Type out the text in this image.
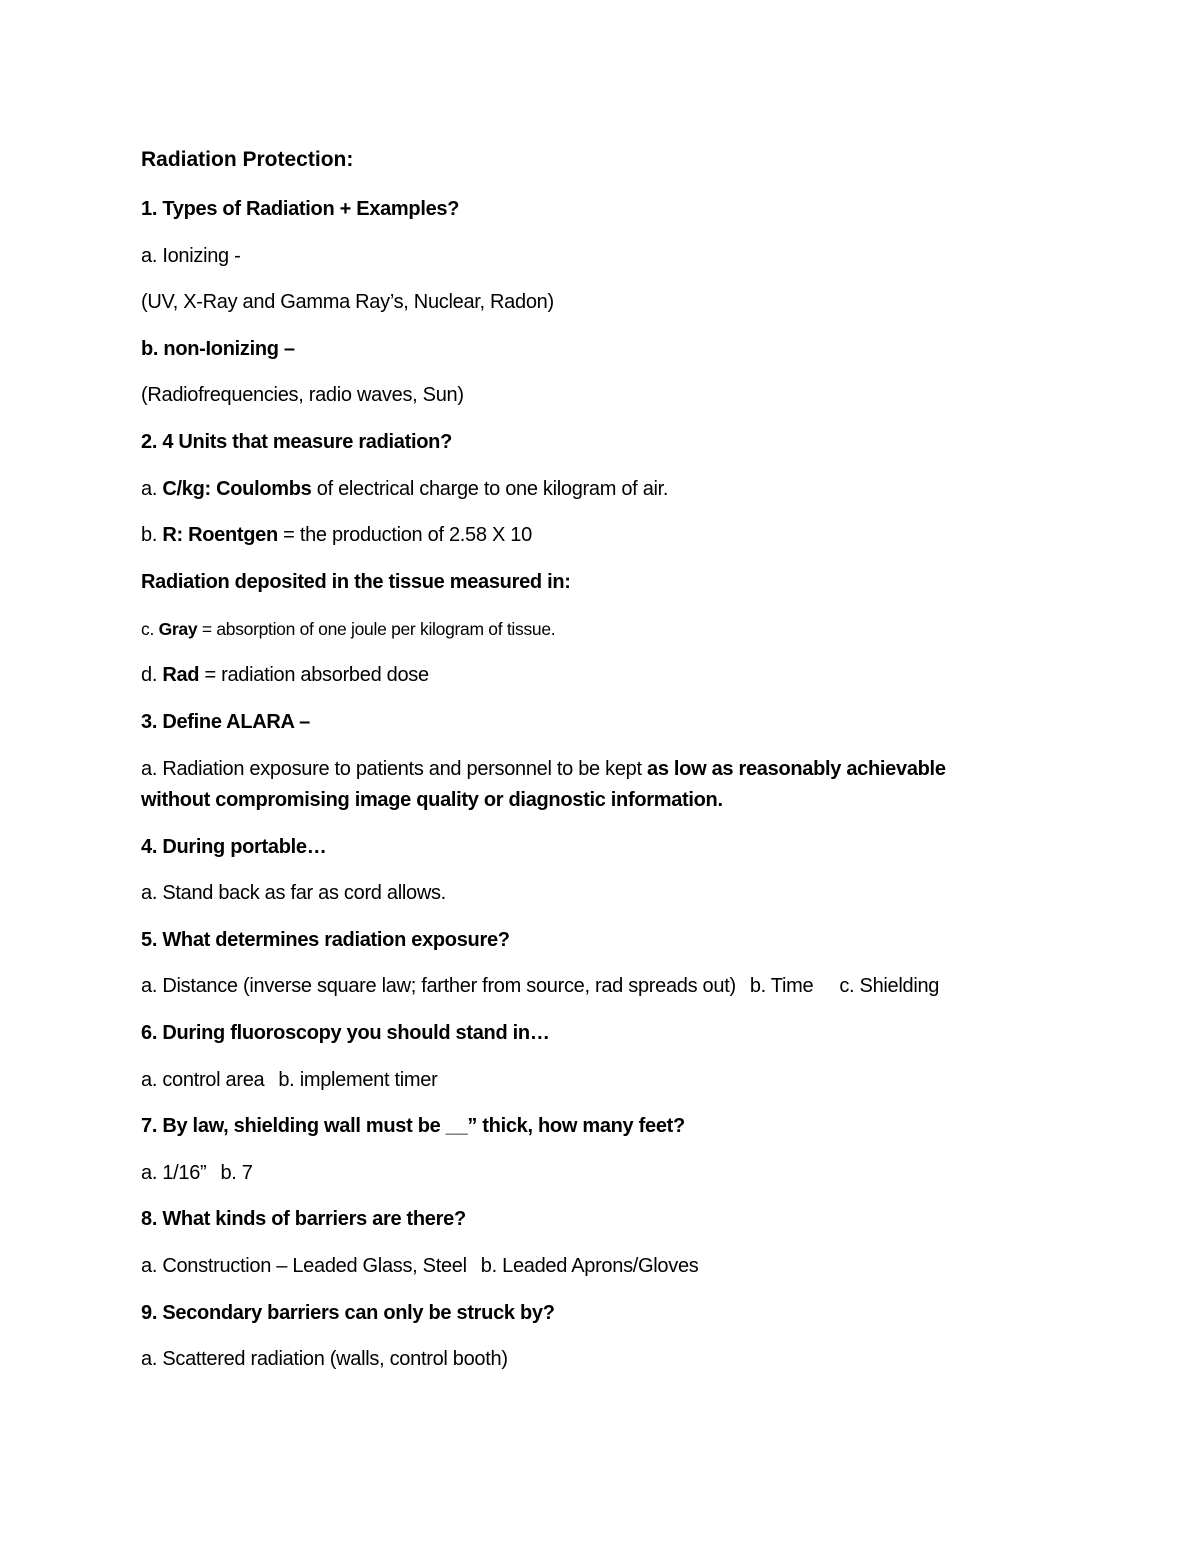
Radiation Protection:
1. Types of Radiation + Examples?
a. Ionizing -
(UV, X-Ray and Gamma Ray’s, Nuclear, Radon)
b. non-Ionizing –
(Radiofrequencies, radio waves, Sun)
2. 4 Units that measure radiation?
a. C/kg: Coulombs of electrical charge to one kilogram of air.
b. R: Roentgen = the production of 2.58 X 10
Radiation deposited in the tissue measured in:
c. Gray = absorption of one joule per kilogram of tissue.
d. Rad = radiation absorbed dose
3. Define ALARA –
a. Radiation exposure to patients and personnel to be kept as low as reasonably achievable
without compromising image quality or diagnostic information.
4. During portable…
a. Stand back as far as cord allows.
5. What determines radiation exposure?
a. Distance (inverse square law; farther from source, rad spreads out) b. Time c. Shielding
6. During fluoroscopy you should stand in…
a. control area b. implement timer
7. By law, shielding wall must be __” thick, how many feet?
a. 1/16” b. 7
8. What kinds of barriers are there?
a. Construction – Leaded Glass, Steel b. Leaded Aprons/Gloves
9. Secondary barriers can only be struck by?
a. Scattered radiation (walls, control booth)
